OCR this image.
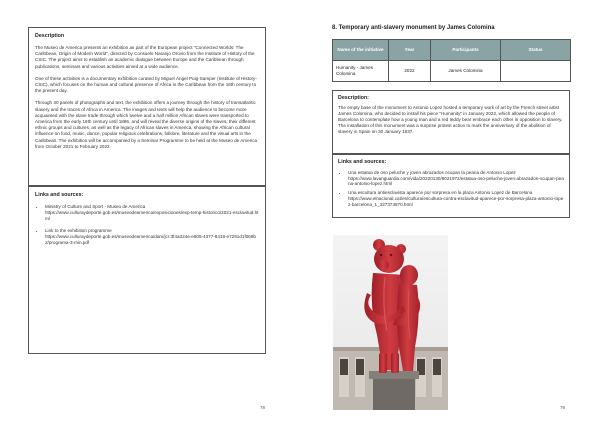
Description

The Museo de America presents an exhibition as part of the European project "Connected Worlds: The Caribbean, Origin of Modern World", directed by Consuelo Naranjo Orovio from the Institute of History of the CSIC. The project aims to establish an academic dialogue between Europe and the Caribbean through publications, seminars and various activities aimed at a wide audience.

One of these activities is a documentary exhibition curated by Miguel Ángel Puig-Samper (Institute of History-CSIC), which focuses on the human and cultural presence of Africa in the Caribbean from the 16th century to the present day.

Through 30 panels of photographs and text, the exhibition offers a journey through the history of transatlantic slavery and the traces of Africa in America. The images and texts will help the audience to become more acquainted with the slave trade through which twelve and a half million African slaves were transported to America from the early 16th century until 1886, and will reveal the diverse origins of the slaves, their different ethnic groups and cultures, as well as the legacy of African slaves in America, showing the African cultural influence on food, music, dance, popular religious celebrations, folklore, literature and the visual arts in the Caribbean. The exhibition will be accompanied by a Seminar Programme to be held at the Museo de America from October 2021 to February 2022.

Links and sources:
• Ministry of Culture and Sport - Museo de America
https://www.culturaydeporte.gob.es/museodeamerica/exposiciones/exp-temp-historico/2021-esclavitud.html
• Link to the exhibition programme
https://www.culturaydeporte.gob.es/museodeamerica/dam/jcr:3f4a324e-e805-4377-8418-e7291d1f069b2/programa-3-min.pdf
78	79
8. Temporary anti-slavery monument by James Colomina
Name of the initiative	Year	Participants	Status
Humanity - James Colomina	2022	James Colomina	
Description:

The empty base of the monument to Antonio Lopez hosted a temporary work of art by the French street artist James Colomina, who decided to install his piece "Humanity" in January 2022, which allowed the people of Barcelona to contemplate how a young man and a red teddy bear embrace each other in opposition to slavery. The installation of this monument was a surprise protest action to mark the anniversary of the abolition of slavery in Spain on 30 January 1837.

Links and sources:
• Una estatua de oso peluche y joven abrazados ocupan la peana de Antonio Lopez
https://www.lavanguardia.com/vida/20220130/8021972/estatua-oso-peluche-joven-abrazados-ocupan-peana-antonio-lopez.html
• Una escultura antiesclavista aparece por sorpresa en la plaza Antonio Lopez de Barcelona
https://www.elnacional.cat/es/cultura/escultura-contra-esclavitud-aparece-por-sorpresa-plaza-antonio-lopez-barcelona_1_327374870.html
